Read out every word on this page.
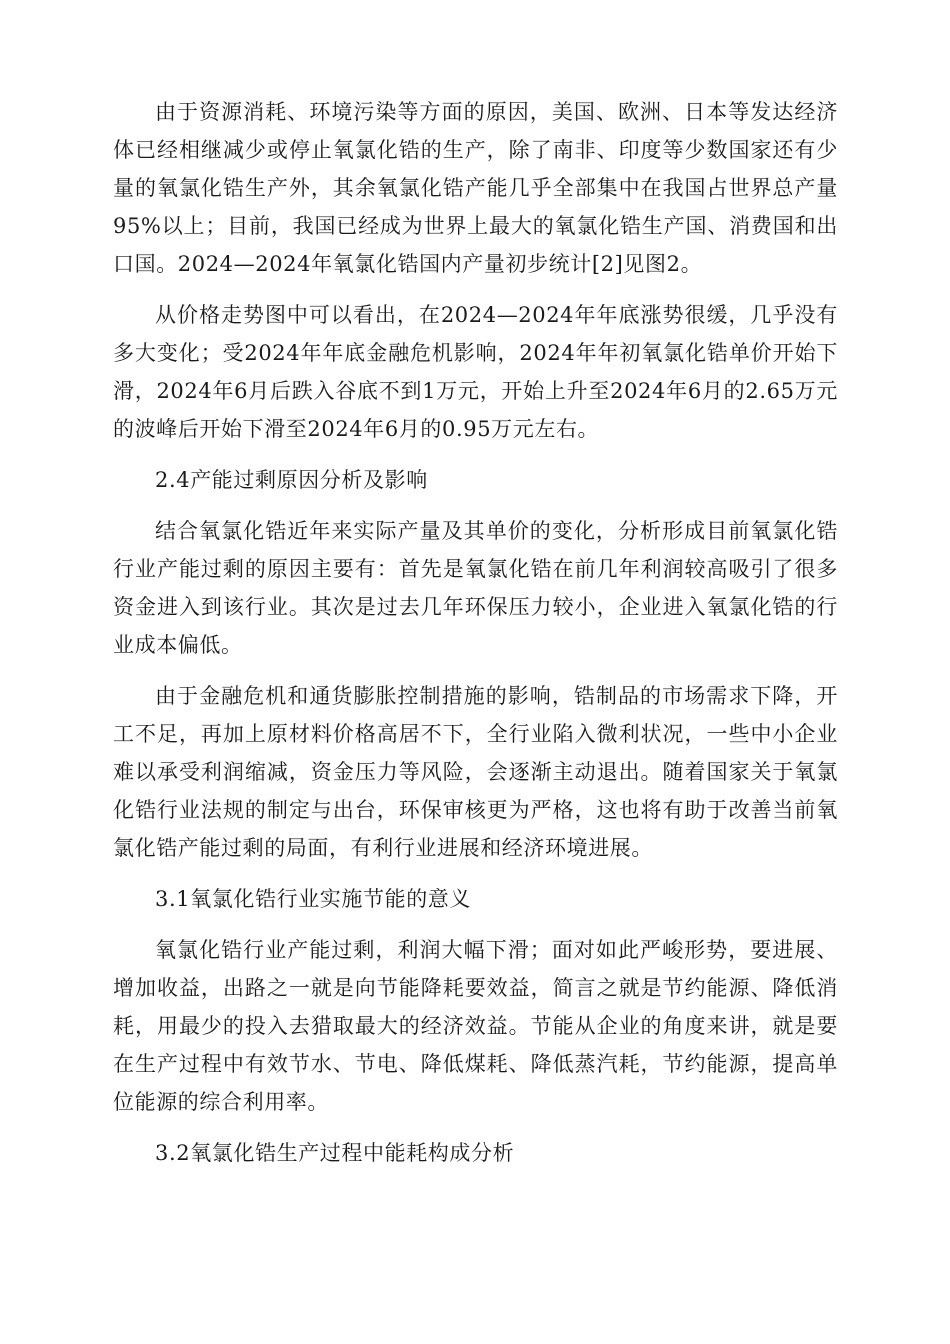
由于资源消耗、环境污染等方面的原因，美国、欧洲、日本等发达经济体已经相继减少或停止氧氯化锆的生产，除了南非、印度等少数国家还有少量的氧氯化锆生产外，其余氧氯化锆产能几乎全部集中在我国占世界总产量95%以上；目前，我国已经成为世界上最大的氧氯化锆生产国、消费国和出口国。2024—2024年氧氯化锆国内产量初步统计[2]见图2。

从价格走势图中可以看出，在2024—2024年年底涨势很缓，几乎没有多大变化；受2024年年底金融危机影响，2024年年初氧氯化锆单价开始下滑，2024年6月后跌入谷底不到1万元，开始上升至2024年6月的2.65万元的波峰后开始下滑至2024年6月的0.95万元左右。

2.4产能过剩原因分析及影响

结合氧氯化锆近年来实际产量及其单价的变化，分析形成目前氧氯化锆行业产能过剩的原因主要有：首先是氧氯化锆在前几年利润较高吸引了很多资金进入到该行业。其次是过去几年环保压力较小，企业进入氧氯化锆的行业成本偏低。

由于金融危机和通货膨胀控制措施的影响，锆制品的市场需求下降，开工不足，再加上原材料价格高居不下，全行业陷入微利状况，一些中小企业难以承受利润缩减，资金压力等风险，会逐渐主动退出。随着国家关于氧氯化锆行业法规的制定与出台，环保审核更为严格，这也将有助于改善当前氧氯化锆产能过剩的局面，有利行业进展和经济环境进展。

3.1氧氯化锆行业实施节能的意义

氧氯化锆行业产能过剩，利润大幅下滑；面对如此严峻形势，要进展、增加收益，出路之一就是向节能降耗要效益，简言之就是节约能源、降低消耗，用最少的投入去猎取最大的经济效益。节能从企业的角度来讲，就是要在生产过程中有效节水、节电、降低煤耗、降低蒸汽耗，节约能源，提高单位能源的综合利用率。

3.2氧氯化锆生产过程中能耗构成分析
